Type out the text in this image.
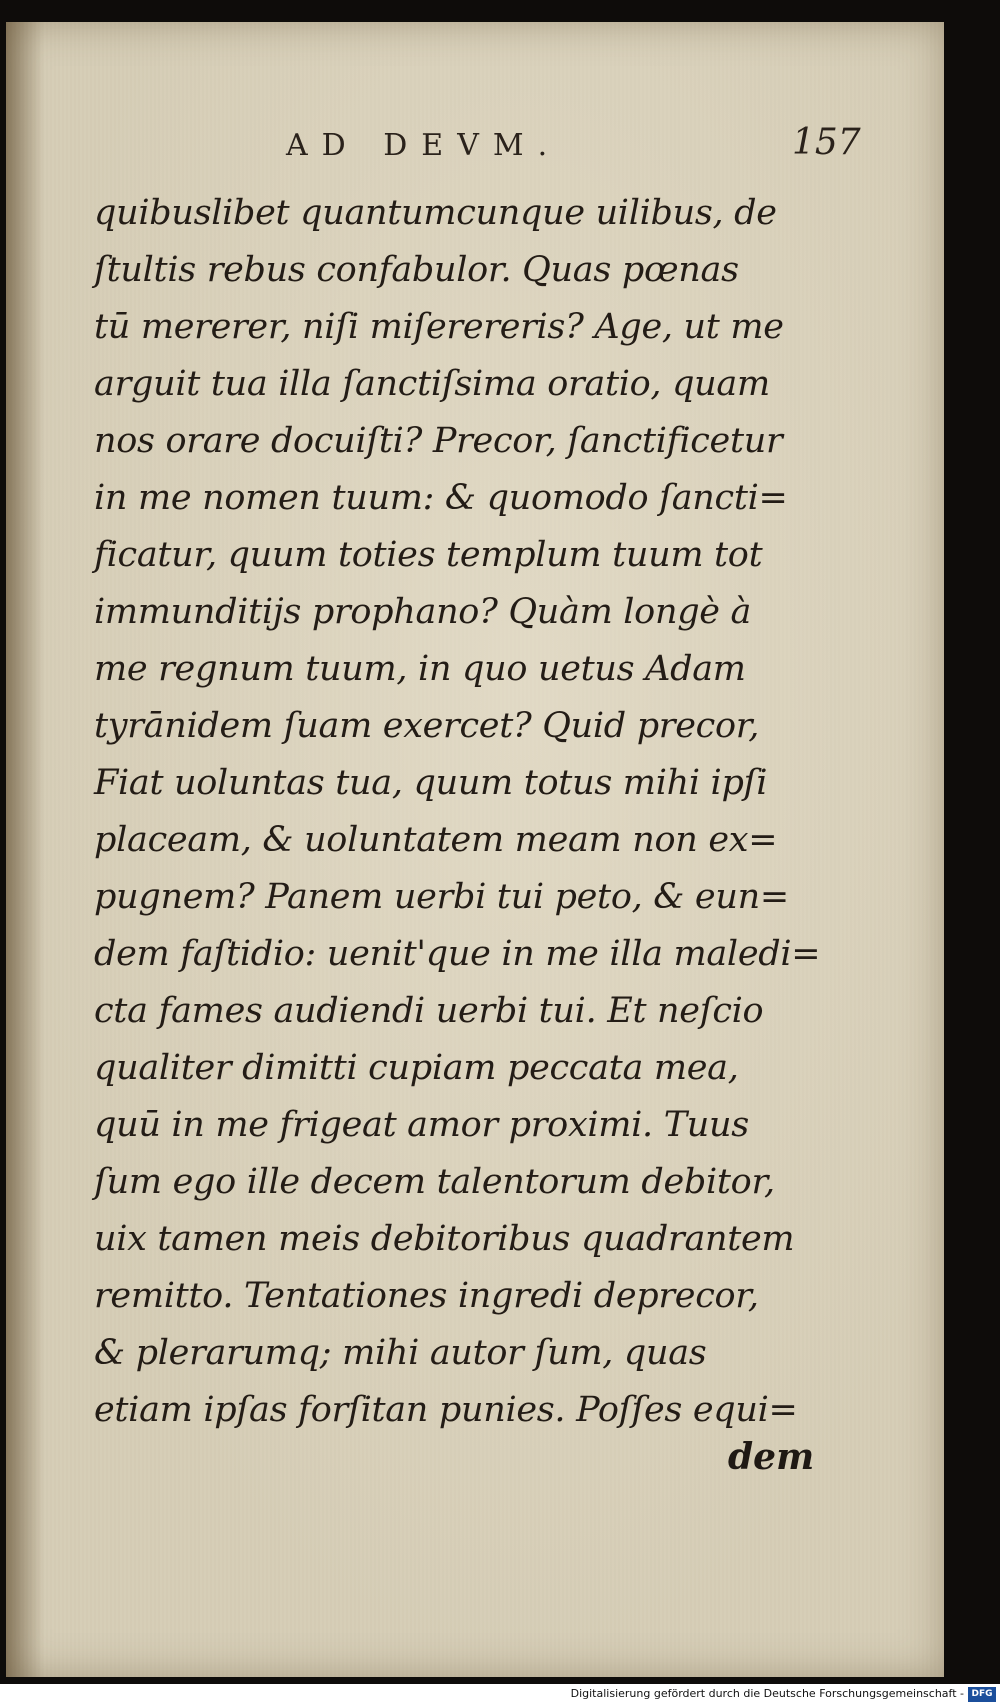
AD DEVM.	157
quibuslibet quantumcunque uilibus, de
ſtultis rebus confabulor. Quas pœnas
tū mererer, niſi miſerereris? Age, ut me
arguit tua illa ſanctiſsima oratio, quam
nos orare docuiſti? Precor, ſanctificetur
in me nomen tuum: & quomodo ſancti=
ficatur, quum toties templum tuum tot
immunditijs prophano? Quàm longè à
me regnum tuum, in quo uetus Adam
tyrānidem ſuam exercet? Quid precor,
Fiat uoluntas tua, quum totus mihi ipſi
placeam, & uoluntatem meam non ex=
pugnem? Panem uerbi tui peto, & eun=
dem faſtidio: uenit'que in me illa maledi=
cta fames audiendi uerbi tui. Et neſcio
qualiter dimitti cupiam peccata mea,
quū in me frigeat amor proximi. Tuus
ſum ego ille decem talentorum debitor,
uix tamen meis debitoribus quadrantem
remitto. Tentationes ingredi deprecor,
& plerarumq; mihi autor ſum, quas
etiam ipſas forſitan punies. Poſſes equi=
dem
Digitalisierung gefördert durch die Deutsche Forschungsgemeinschaft - DFG
